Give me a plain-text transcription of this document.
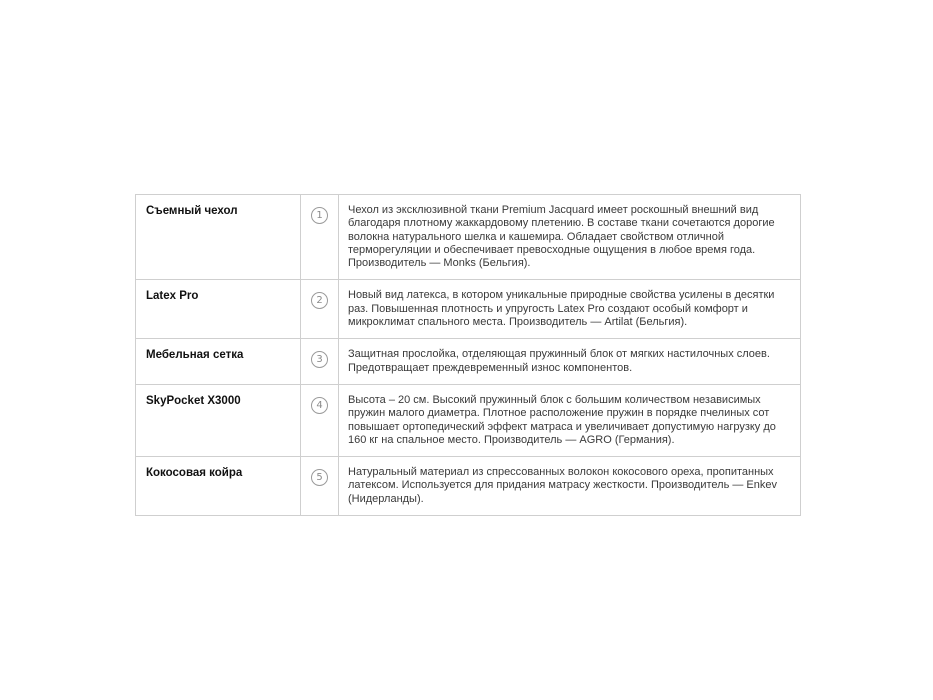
Съемный чехол	1	Чехол из эксклюзивной ткани Premium Jacquard имеет роскошный внешний вид благодаря плотному жаккардовому плетению. В составе ткани сочетаются дорогие волокна натурального шелка и кашемира. Обладает свойством отличной терморегуляции и обеспечивает превосходные ощущения в любое время года. Производитель — Monks (Бельгия).
Latex Pro	2	Новый вид латекса, в котором уникальные природные свойства усилены в десятки раз. Повышенная плотность и упругость Latex Pro создают особый комфорт и микроклимат спального места. Производитель — Artilat (Бельгия).
Мебельная сетка	3	Защитная прослойка, отделяющая пружинный блок от мягких настилочных слоев. Предотвращает преждевременный износ компонентов.
SkyPocket X3000	4	Высота – 20 см. Высокий пружинный блок с большим количеством независимых пружин малого диаметра. Плотное расположение пружин в порядке пчелиных сот повышает ортопедический эффект матраса и увеличивает допустимую нагрузку до 160 кг на спальное место. Производитель — AGRO (Германия).
Кокосовая койра	5	Натуральный материал из спрессованных волокон кокосового ореха, пропитанных латексом. Используется для придания матрасу жесткости. Производитель — Enkev (Нидерланды).
